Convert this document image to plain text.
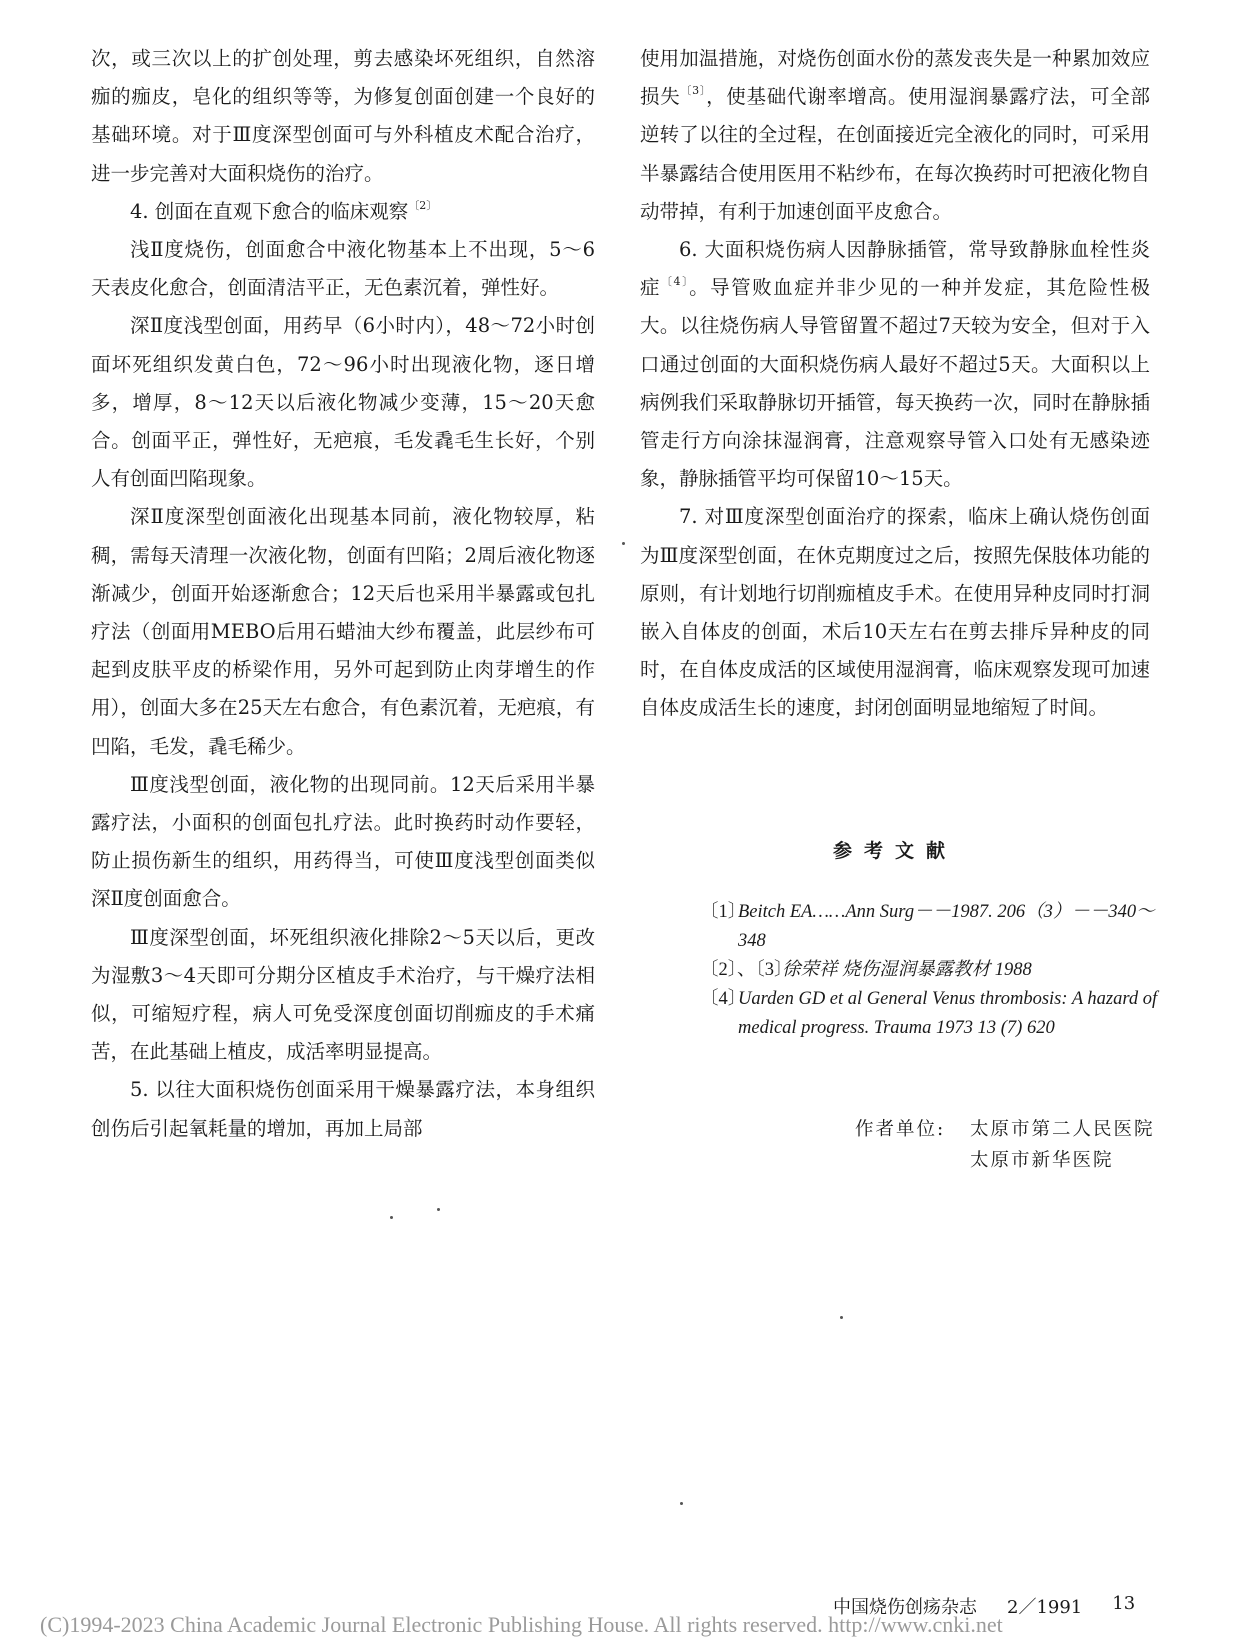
次，或三次以上的扩创处理，剪去感染坏死组织，自然溶痂的痂皮，皂化的组织等等，为修复创面创建一个良好的基础环境。对于Ⅲ度深型创面可与外科植皮术配合治疗，进一步完善对大面积烧伤的治疗。

4. 创面在直观下愈合的临床观察$^{〔2〕}$

浅Ⅱ度烧伤，创面愈合中液化物基本上不出现，5～6天表皮化愈合，创面清洁平正，无色素沉着，弹性好。

深Ⅱ度浅型创面，用药早（6小时内），48～72小时创面坏死组织发黄白色，72～96小时出现液化物，逐日增多，增厚，8～12天以后液化物减少变薄，15～20天愈合。创面平正，弹性好，无疤痕，毛发毳毛生长好，个别人有创面凹陷现象。

深Ⅱ度深型创面液化出现基本同前，液化物较厚，粘稠，需每天清理一次液化物，创面有凹陷；2周后液化物逐渐减少，创面开始逐渐愈合；12天后也采用半暴露或包扎疗法（创面用MEBO后用石蜡油大纱布覆盖，此层纱布可起到皮肤平皮的桥梁作用，另外可起到防止肉芽增生的作用），创面大多在25天左右愈合，有色素沉着，无疤痕，有凹陷，毛发，毳毛稀少。

Ⅲ度浅型创面，液化物的出现同前。12天后采用半暴露疗法，小面积的创面包扎疗法。此时换药时动作要轻，防止损伤新生的组织，用药得当，可使Ⅲ度浅型创面类似深Ⅱ度创面愈合。

Ⅲ度深型创面，坏死组织液化排除2～5天以后，更改为湿敷3～4天即可分期分区植皮手术治疗，与干燥疗法相似，可缩短疗程，病人可免受深度创面切削痂皮的手术痛苦，在此基础上植皮，成活率明显提高。

5. 以往大面积烧伤创面采用干燥暴露疗法，本身组织创伤后引起氧耗量的增加，再加上局部

使用加温措施，对烧伤创面水份的蒸发丧失是一种累加效应损失$^{〔3〕}$，使基础代谢率增高。使用湿润暴露疗法，可全部逆转了以往的全过程，在创面接近完全液化的同时，可采用半暴露结合使用医用不粘纱布，在每次换药时可把液化物自动带掉，有利于加速创面平皮愈合。

6. 大面积烧伤病人因静脉插管，常导致静脉血栓性炎症$^{〔4〕}$。导管败血症并非少见的一种并发症，其危险性极大。以往烧伤病人导管留置不超过7天较为安全，但对于入口通过创面的大面积烧伤病人最好不超过5天。大面积以上病例我们采取静脉切开插管，每天换药一次，同时在静脉插管走行方向涂抹湿润膏，注意观察导管入口处有无感染迹象，静脉插管平均可保留10～15天。

7. 对Ⅲ度深型创面治疗的探索，临床上确认烧伤创面为Ⅲ度深型创面，在休克期度过之后，按照先保肢体功能的原则，有计划地行切削痂植皮手术。在使用异种皮同时打洞嵌入自体皮的创面，术后10天左右在剪去排斥异种皮的同时，在自体皮成活的区域使用湿润膏，临床观察发现可加速自体皮成活生长的速度，封闭创面明显地缩短了时间。

参考文献
〔1〕
Beitch EA……Ann Surg－－1987. 206（3）－－340～348
〔2〕、〔3〕
徐荣祥 烧伤湿润暴露教材 1988
〔4〕
Uarden GD et al General Venus thrombosis: A hazard of medical progress. Trauma 1973 13 (7) 620
作者单位:	太原市第二人民医院
太原市新华医院
中国烧伤创疡杂志 2／1991 13
(C)1994-2023 China Academic Journal Electronic Publishing House. All rights reserved. http://www.cnki.net
